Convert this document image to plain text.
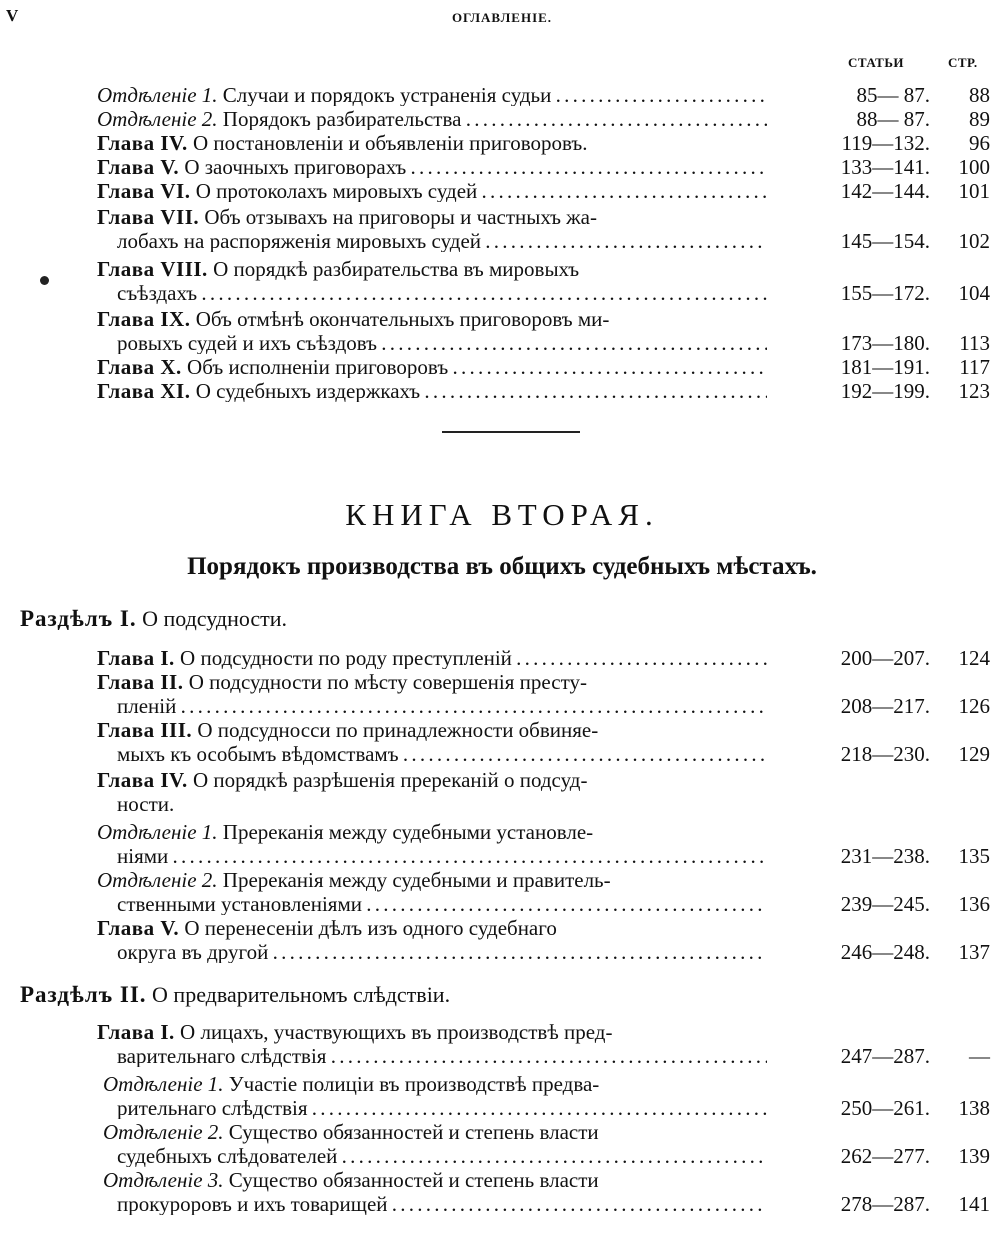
V	ОГЛАВЛЕНІЕ.
СТАТЬИ	СТР.
Отдѣленіе 1. Случаи и порядокъ устраненія судьи . . .	85— 87.	88
Отдѣленіе 2. Порядокъ разбирательства . . .	88— 87.	89
Глава IV. О постановленіи и объявленіи приговоровъ.	119—132.	96
Глава V. О заочныхъ приговорахъ . . .	133—141.	100
Глава VI. О протоколахъ мировыхъ судей . . .	142—144.	101
Глава VII. Объ отзывахъ на приговоры и частныхъ жа-
лобахъ на распоряженія мировыхъ судей . . .	145—154.	102
Глава VIII. О порядкѣ разбирательства въ мировыхъ
съѣздахъ . . .	155—172.	104
Глава IX. Объ отмѣнѣ окончательныхъ приговоровъ ми-
ровыхъ судей и ихъ съѣздовъ . . .	173—180.	113
Глава X. Объ исполненіи приговоровъ . . .	181—191.	117
Глава XI. О судебныхъ издержкахъ . . .	192—199.	123
КНИГА ВТОРАЯ.
Порядокъ производства въ общихъ судебныхъ мѣстахъ.
Раздѣлъ I. О подсудности.
Глава I. О подсудности по роду преступленій . . .	200—207.	124
Глава II. О подсудности по мѣсту совершенія престу-
пленій . . .	208—217.	126
Глава III. О подсудносси по принадлежности обвиняе-
мыхъ къ особымъ вѣдомствамъ . . .	218—230.	129
Глава IV. О порядкѣ разрѣшенія пререканій о подсуд-
ности.
Отдѣленіе 1. Пререканія между судебными установле-
ніями . . .	231—238.	135
Отдѣленіе 2. Пререканія между судебными и правитель-
ственными установленіями . . .	239—245.	136
Глава V. О перенесеніи дѣлъ изъ одного судебнаго
округа въ другой . . .	246—248.	137
Раздѣлъ II. О предварительномъ слѣдствіи.
Глава I. О лицахъ, участвующихъ въ производствѣ пред-
варительнаго слѣдствія . . .	247—287.	—
Отдѣленіе 1. Участіе полиціи въ производствѣ предва-
рительнаго слѣдствія . . .	250—261.	138
Отдѣленіе 2. Существо обязанностей и степень власти
судебныхъ слѣдователей . . .	262—277.	139
Отдѣленіе 3. Существо обязанностей и степень власти
прокуроровъ и ихъ товарищей . . .	278—287.	141
